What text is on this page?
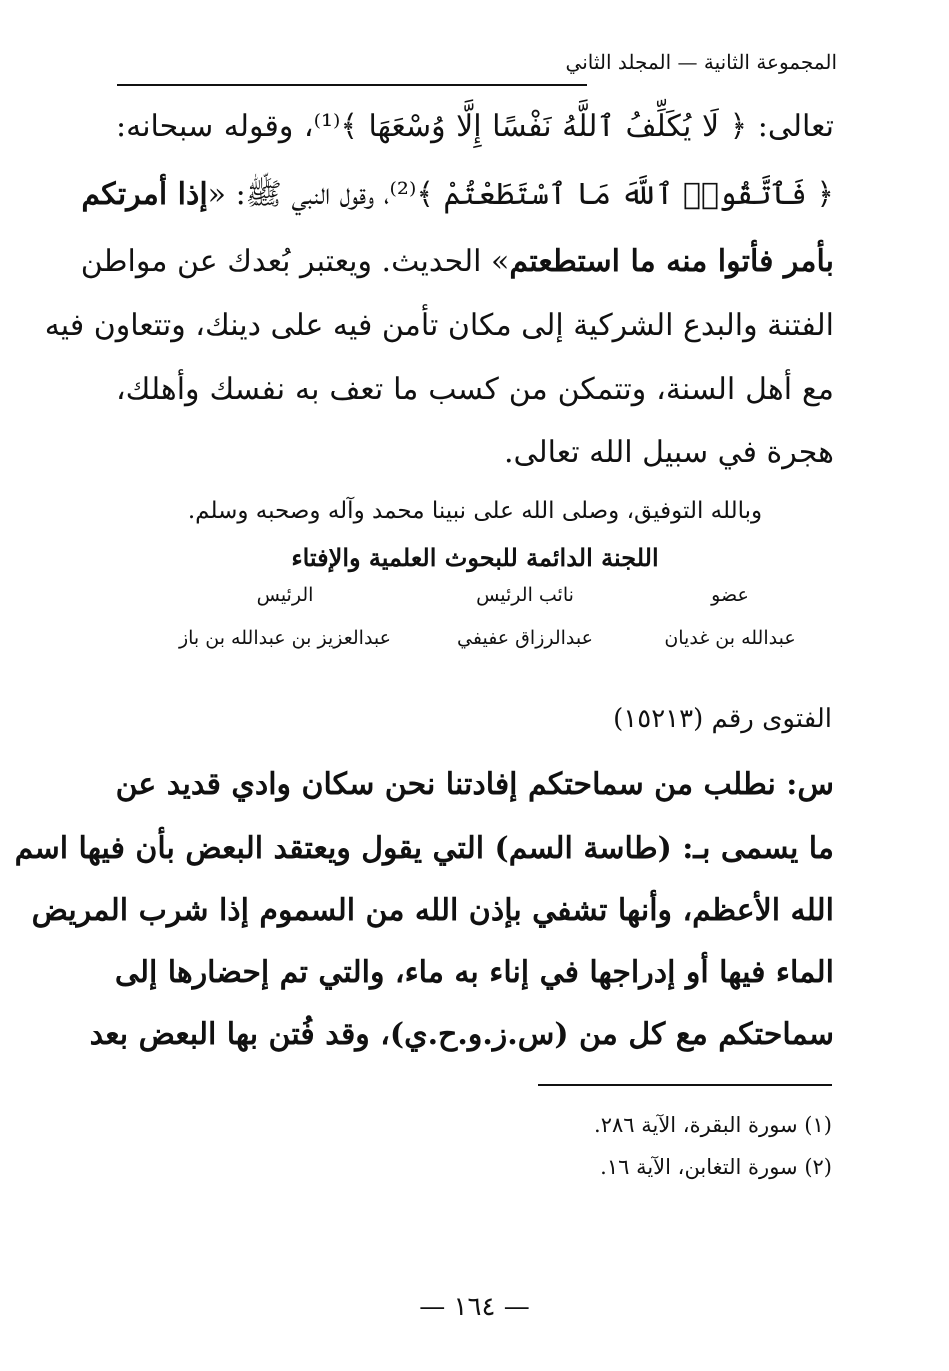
المجموعة الثانية — المجلد الثاني
تعالى: ﴿ لَا يُكَلِّفُ ٱللَّهُ نَفْسًا إِلَّا وُسْعَهَا ﴾⁽¹⁾، وقوله سبحانه:
﴿ فَٱتَّقُوا۟ ٱللَّهَ مَا ٱسْتَطَعْتُمْ ﴾⁽²⁾، وقول النبي ﷺ: «إذا أمرتكم
بأمر فأتوا منه ما استطعتم» الحديث. ويعتبر بُعدك عن مواطن
الفتنة والبدع الشركية إلى مكان تأمن فيه على دينك، وتتعاون فيه
مع أهل السنة، وتتمكن من كسب ما تعف به نفسك وأهلك،
هجرة في سبيل الله تعالى.
وبالله التوفيق، وصلى الله على نبينا محمد وآله وصحبه وسلم.
اللجنة الدائمة للبحوث العلمية والإفتاء
عضو
عبدالله بن غديان
نائب الرئيس
عبدالرزاق عفيفي
الرئيس
عبدالعزيز بن عبدالله بن باز
الفتوى رقم (١٥٢١٣)
س: نطلب من سماحتكم إفادتنا نحن سكان وادي قديد عن
ما يسمى بـ: (طاسة السم) التي يقول ويعتقد البعض بأن فيها اسم
الله الأعظم، وأنها تشفي بإذن الله من السموم إذا شرب المريض
الماء فيها أو إدراجها في إناء به ماء، والتي تم إحضارها إلى
سماحتكم مع كل من (س.ز.و.ح.ي)، وقد فُتن بها البعض بعد
(١) سورة البقرة، الآية ٢٨٦.
(٢) سورة التغابن، الآية ١٦.
— ١٦٤ —
